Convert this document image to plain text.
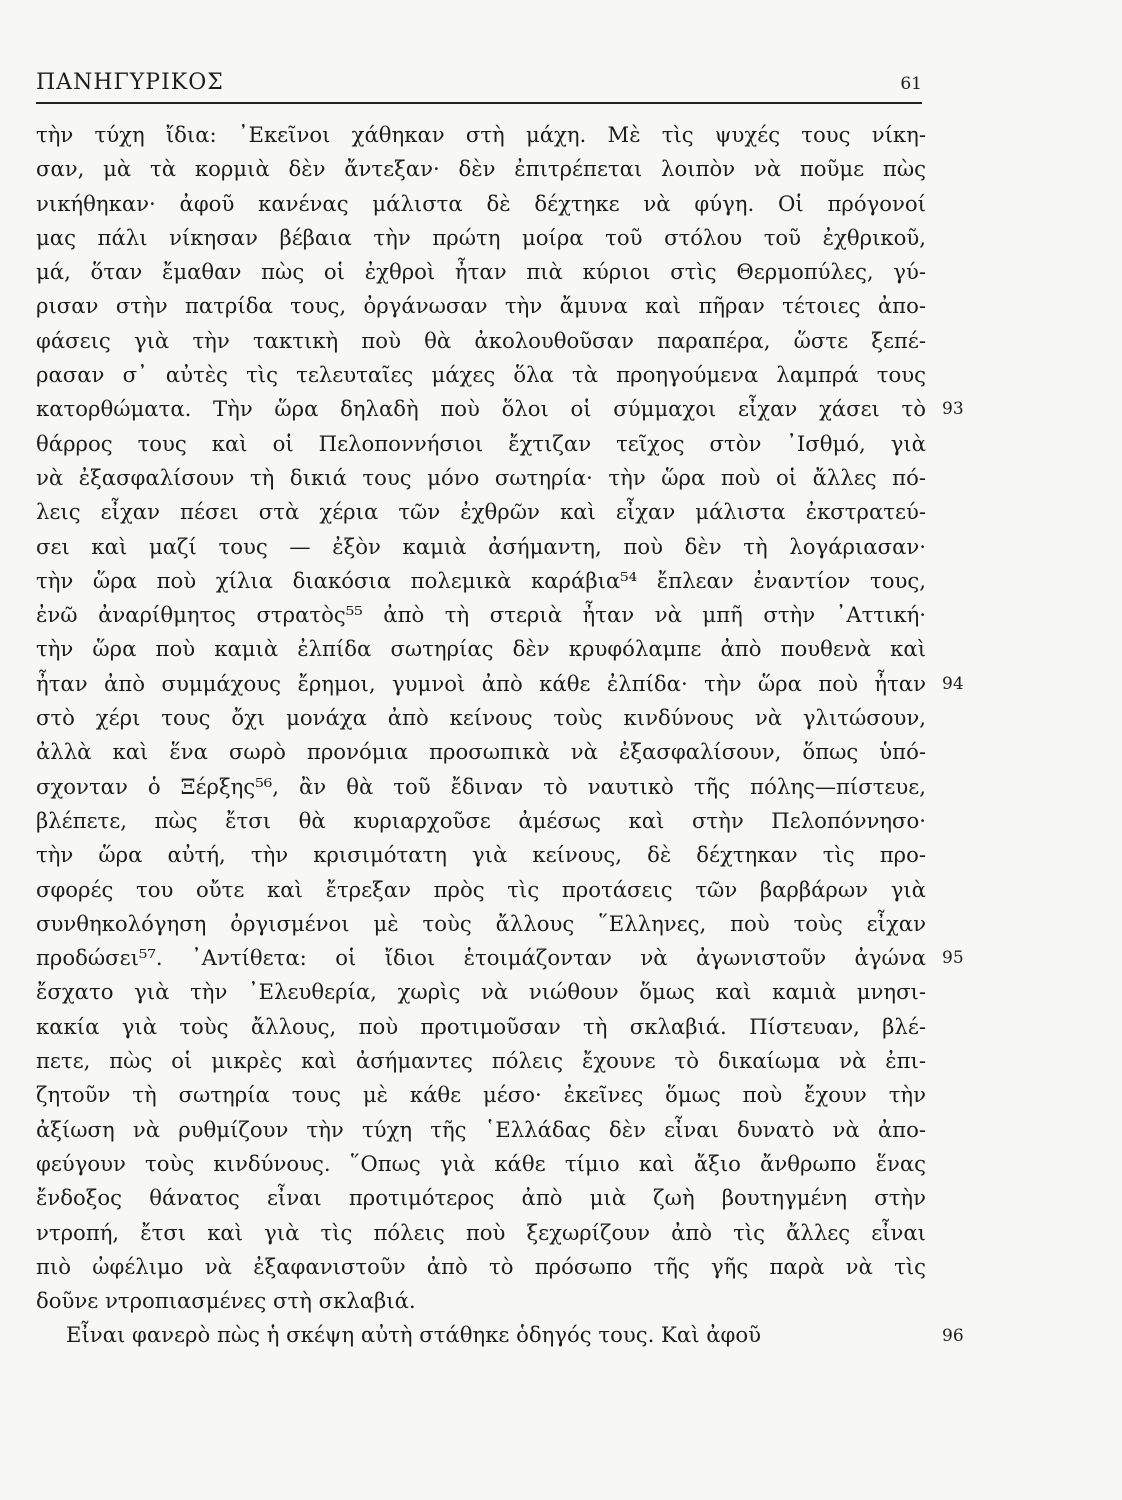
ΠΑΝΗΓΥΡΙΚΟΣ	61
τὴν τύχη ἴδια: ᾿Εκεῖνοι χάθηκαν στὴ μάχη. Μὲ τὶς ψυχές τους νίκη-
σαν, μὰ τὰ κορμιὰ δὲν ἄντεξαν· δὲν ἐπιτρέπεται λοιπὸν νὰ ποῦμε πὼς
νικήθηκαν· ἀφοῦ κανένας μάλιστα δὲ δέχτηκε νὰ φύγη. Οἱ πρόγονοί
μας πάλι νίκησαν βέβαια τὴν πρώτη μοίρα τοῦ στόλου τοῦ ἐχθρικοῦ,
μά, ὅταν ἔμαθαν πὼς οἱ ἐχθροὶ ἦταν πιὰ κύριοι στὶς Θερμοπύλες, γύ-
ρισαν στὴν πατρίδα τους, ὀργάνωσαν τὴν ἄμυνα καὶ πῆραν τέτοιες ἀπο-
φάσεις γιὰ τὴν τακτικὴ ποὺ θὰ ἀκολουθοῦσαν παραπέρα, ὥστε ξεπέ-
ρασαν σ᾿ αὐτὲς τὶς τελευταῖες μάχες ὅλα τὰ προηγούμενα λαμπρά τους
κατορθώματα. Τὴν ὥρα δηλαδὴ ποὺ ὅλοι οἱ σύμμαχοι εἶχαν χάσει τὸ
θάρρος τους καὶ οἱ Πελοποννήσιοι ἔχτιζαν τεῖχος στὸν ᾿Ισθμό, γιὰ
νὰ ἐξασφαλίσουν τὴ δικιά τους μόνο σωτηρία· τὴν ὥρα ποὺ οἱ ἄλλες πό-
λεις εἶχαν πέσει στὰ χέρια τῶν ἐχθρῶν καὶ εἶχαν μάλιστα ἐκστρατεύ-
σει καὶ μαζί τους — ἐξὸν καμιὰ ἀσήμαντη, ποὺ δὲν τὴ λογάριασαν·
τὴν ὥρα ποὺ χίλια διακόσια πολεμικὰ καράβια⁵⁴ ἔπλεαν ἐναντίον τους,
ἐνῶ ἀναρίθμητος στρατὸς⁵⁵ ἀπὸ τὴ στεριὰ ἦταν νὰ μπῆ στὴν ᾿Αττική·
τὴν ὥρα ποὺ καμιὰ ἐλπίδα σωτηρίας δὲν κρυφόλαμπε ἀπὸ πουθενὰ καὶ
ἦταν ἀπὸ συμμάχους ἔρημοι, γυμνοὶ ἀπὸ κάθε ἐλπίδα· τὴν ὥρα ποὺ ἦταν
στὸ χέρι τους ὄχι μονάχα ἀπὸ κείνους τοὺς κινδύνους νὰ γλιτώσουν,
ἀλλὰ καὶ ἕνα σωρὸ προνόμια προσωπικὰ νὰ ἐξασφαλίσουν, ὅπως ὑπό-
σχονταν ὁ Ξέρξης⁵⁶, ἂν θὰ τοῦ ἔδιναν τὸ ναυτικὸ τῆς πόλης—πίστευε,
βλέπετε, πὼς ἔτσι θὰ κυριαρχοῦσε ἀμέσως καὶ στὴν Πελοπόννησο·
τὴν ὥρα αὐτή, τὴν κρισιμότατη γιὰ κείνους, δὲ δέχτηκαν τὶς προ-
σφορές του οὔτε καὶ ἔτρεξαν πρὸς τὶς προτάσεις τῶν βαρβάρων γιὰ
συνθηκολόγηση ὀργισμένοι μὲ τοὺς ἄλλους ῞Ελληνες, ποὺ τοὺς εἶχαν
προδώσει⁵⁷. ᾿Αντίθετα: οἱ ἴδιοι ἑτοιμάζονταν νὰ ἀγωνιστοῦν ἀγώνα
ἔσχατο γιὰ τὴν ᾿Ελευθερία, χωρὶς νὰ νιώθουν ὅμως καὶ καμιὰ μνησι-
κακία γιὰ τοὺς ἄλλους, ποὺ προτιμοῦσαν τὴ σκλαβιά. Πίστευαν, βλέ-
πετε, πὼς οἱ μικρὲς καὶ ἀσήμαντες πόλεις ἔχουνε τὸ δικαίωμα νὰ ἐπι-
ζητοῦν τὴ σωτηρία τους μὲ κάθε μέσο· ἐκεῖνες ὅμως ποὺ ἔχουν τὴν
ἀξίωση νὰ ρυθμίζουν τὴν τύχη τῆς ῾Ελλάδας δὲν εἶναι δυνατὸ νὰ ἀπο-
φεύγουν τοὺς κινδύνους. ῞Οπως γιὰ κάθε τίμιο καὶ ἄξιο ἄνθρωπο ἕνας
ἔνδοξος θάνατος εἶναι προτιμότερος ἀπὸ μιὰ ζωὴ βουτηγμένη στὴν
ντροπή, ἔτσι καὶ γιὰ τὶς πόλεις ποὺ ξεχωρίζουν ἀπὸ τὶς ἄλλες εἶναι
πιὸ ὠφέλιμο νὰ ἐξαφανιστοῦν ἀπὸ τὸ πρόσωπο τῆς γῆς παρὰ νὰ τὶς
δοῦνε ντροπιασμένες στὴ σκλαβιά.
Εἶναι φανερὸ πὼς ἡ σκέψη αὐτὴ στάθηκε ὁδηγός τους. Καὶ ἀφοῦ
93
94
95
96
